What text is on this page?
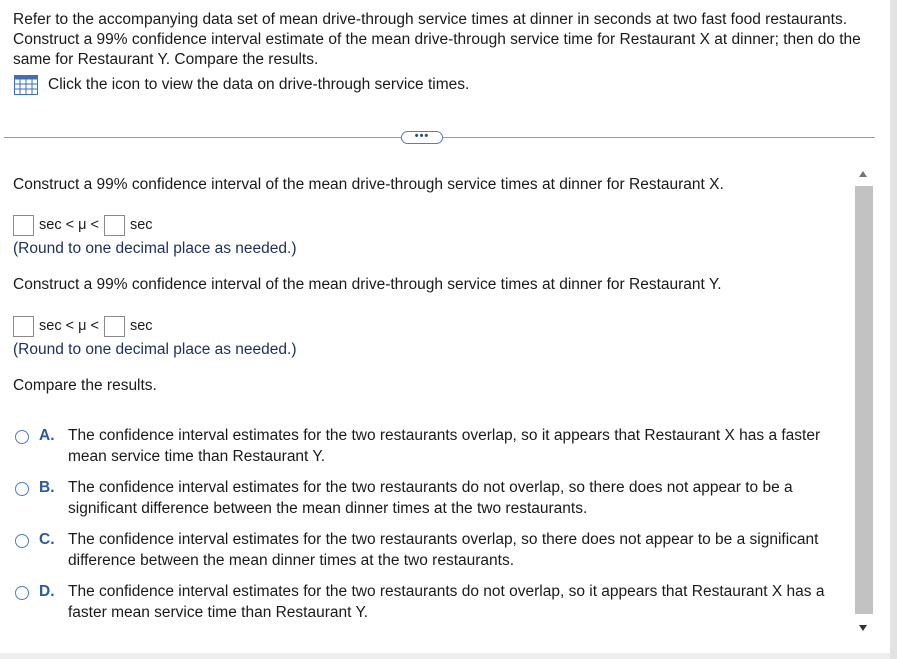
Refer to the accompanying data set of mean drive-through service times at dinner in seconds at two fast food restaurants. Construct a 99% confidence interval estimate of the mean drive-through service time for Restaurant X at dinner; then do the same for Restaurant Y. Compare the results.
Click the icon to view the data on drive-through service times.
•••
Construct a 99% confidence interval of the mean drive-through service times at dinner for Restaurant X.
sec < μ < sec
(Round to one decimal place as needed.)
Construct a 99% confidence interval of the mean drive-through service times at dinner for Restaurant Y.
sec < μ < sec
(Round to one decimal place as needed.)
Compare the results.
A. The confidence interval estimates for the two restaurants overlap, so it appears that Restaurant X has a faster mean service time than Restaurant Y.
B. The confidence interval estimates for the two restaurants do not overlap, so there does not appear to be a significant difference between the mean dinner times at the two restaurants.
C. The confidence interval estimates for the two restaurants overlap, so there does not appear to be a significant difference between the mean dinner times at the two restaurants.
D. The confidence interval estimates for the two restaurants do not overlap, so it appears that Restaurant X has a faster mean service time than Restaurant Y.
